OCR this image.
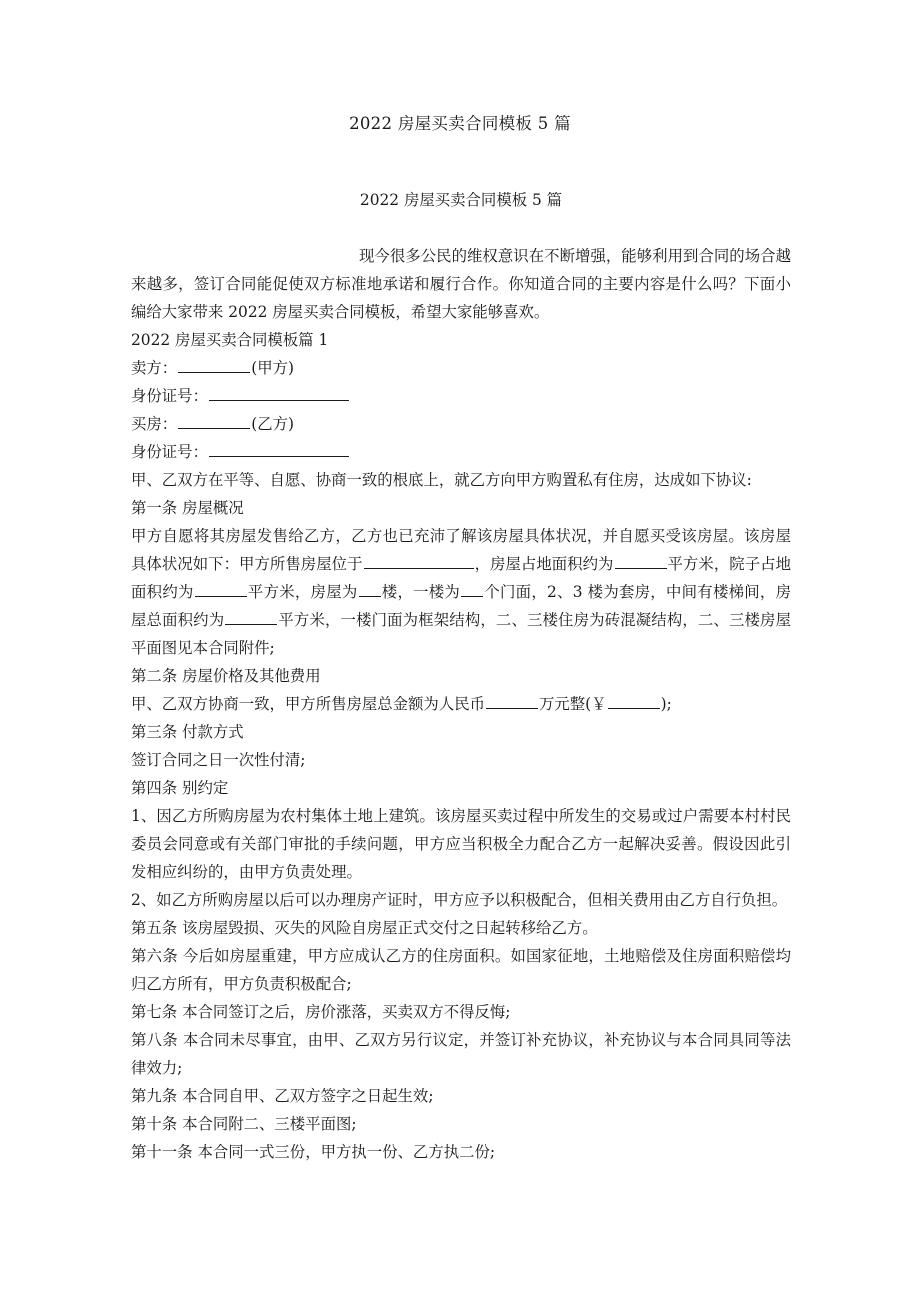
2022 房屋买卖合同模板 5 篇
2022 房屋买卖合同模板 5 篇

现今很多公民的维权意识在不断增强，能够利用到合同的场合越来越多，签订合同能促使双方标准地承诺和履行合作。你知道合同的主要内容是什么吗？下面小编给大家带来 2022 房屋买卖合同模板，希望大家能够喜欢。

2022 房屋买卖合同模板篇 1

卖方：	(甲方)

身份证号：

买房：	(乙方)

身份证号：

甲、乙双方在平等、自愿、协商一致的根底上，就乙方向甲方购置私有住房，达成如下协议:

第一条 房屋概况

甲方自愿将其房屋发售给乙方，乙方也已充沛了解该房屋具体状况，并自愿买受该房屋。该房屋具体状况如下：甲方所售房屋位于	，房屋占地面积约为	平方米，院子占地面积约为	平方米，房屋为 楼，一楼为 个门面，2、3 楼为套房，中间有楼梯间，房屋总面积约为	平方米，一楼门面为框架结构，二、三楼住房为砖混凝结构，二、三楼房屋平面图见本合同附件;

第二条 房屋价格及其他费用

甲、乙双方协商一致，甲方所售房屋总金额为人民币	万元整(￥	);

第三条 付款方式

签订合同之日一次性付清;

第四条 别约定

1、因乙方所购房屋为农村集体土地上建筑。该房屋买卖过程中所发生的交易或过户需要本村村民委员会同意或有关部门审批的手续问题，甲方应当积极全力配合乙方一起解决妥善。假设因此引发相应纠纷的，由甲方负责处理。

2、如乙方所购房屋以后可以办理房产证时，甲方应予以积极配合，但相关费用由乙方自行负担。

第五条 该房屋毁损、灭失的风险自房屋正式交付之日起转移给乙方。

第六条 今后如房屋重建，甲方应成认乙方的住房面积。如国家征地，土地赔偿及住房面积赔偿均归乙方所有，甲方负责积极配合;

第七条 本合同签订之后，房价涨落，买卖双方不得反悔;

第八条 本合同未尽事宜，由甲、乙双方另行议定，并签订补充协议，补充协议与本合同具同等法律效力;

第九条 本合同自甲、乙双方签字之日起生效;

第十条 本合同附二、三楼平面图;

第十一条 本合同一式三份，甲方执一份、乙方执二份;
